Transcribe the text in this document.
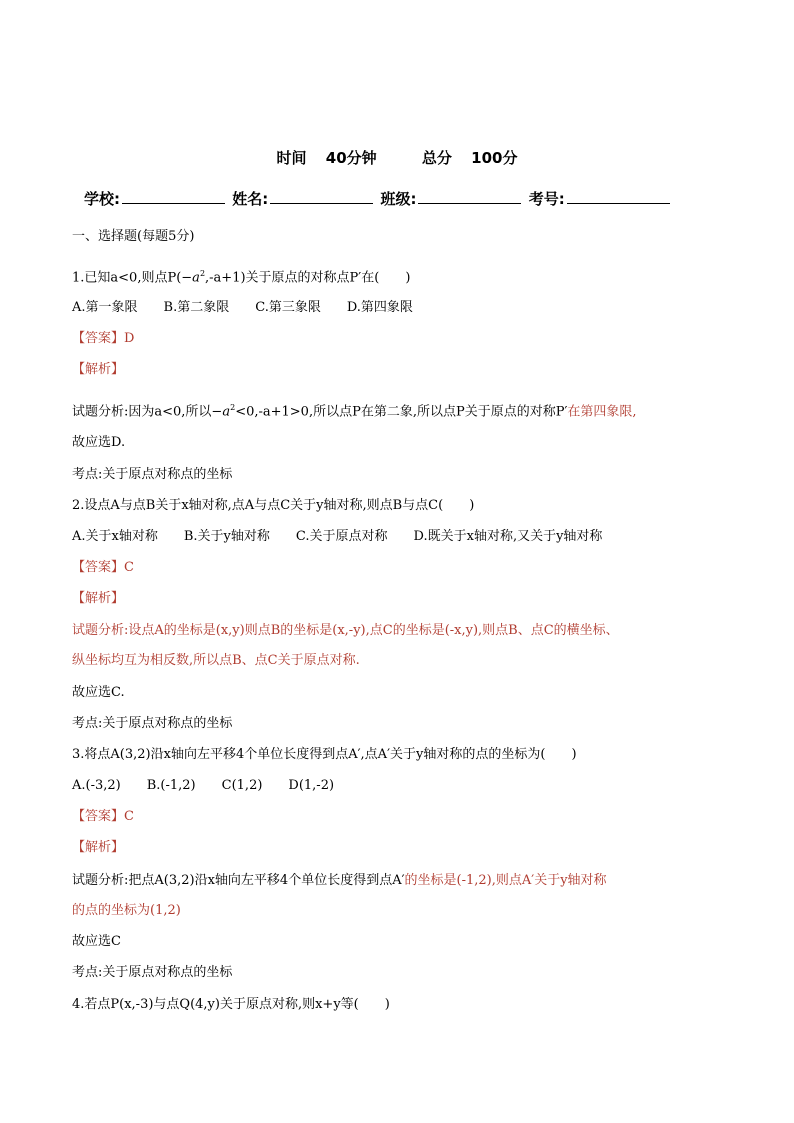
时间 40分钟	总分 100分
学校:	姓名:	班级:	考号:
一、选择题(每题5分)
1.已知a<0,则点$P(-a^2,-a+1)$关于原点的对称点P′在(　　)
A.第一象限 B.第二象限 C.第三象限 D.第四象限
【答案】D
【解析】
试题分析:因为a<0,所以$-a^2<0,-a+1>0$,所以点P在第二象,所以点P关于原点的对称P′在第四象限,
故应选D.
考点:关于原点对称点的坐标
2.设点A与点B关于x轴对称,点A与点C关于y轴对称,则点B与点C(　　)
A.关于x轴对称 B.关于y轴对称 C.关于原点对称 D.既关于x轴对称,又关于y轴对称
【答案】C
【解析】
试题分析:设点A的坐标是(x,y)则点B的坐标是(x,-y),点C的坐标是(-x,y),则点B、点C的横坐标、
纵坐标均互为相反数,所以点B、点C关于原点对称.
故应选C.
考点:关于原点对称点的坐标
3.将点A(3,2)沿x轴向左平移4个单位长度得到点A′,点A′关于y轴对称的点的坐标为(　　)
A.(-3,2) B.(-1,2) C(1,2) D(1,-2)
【答案】C
【解析】
试题分析:把点A(3,2)沿x轴向左平移4个单位长度得到点A′的坐标是(-1,2),则点A′关于y轴对称
的点的坐标为(1,2)
故应选C
考点:关于原点对称点的坐标
4.若点P(x,-3)与点Q(4,y)关于原点对称,则x+y等(　　)
